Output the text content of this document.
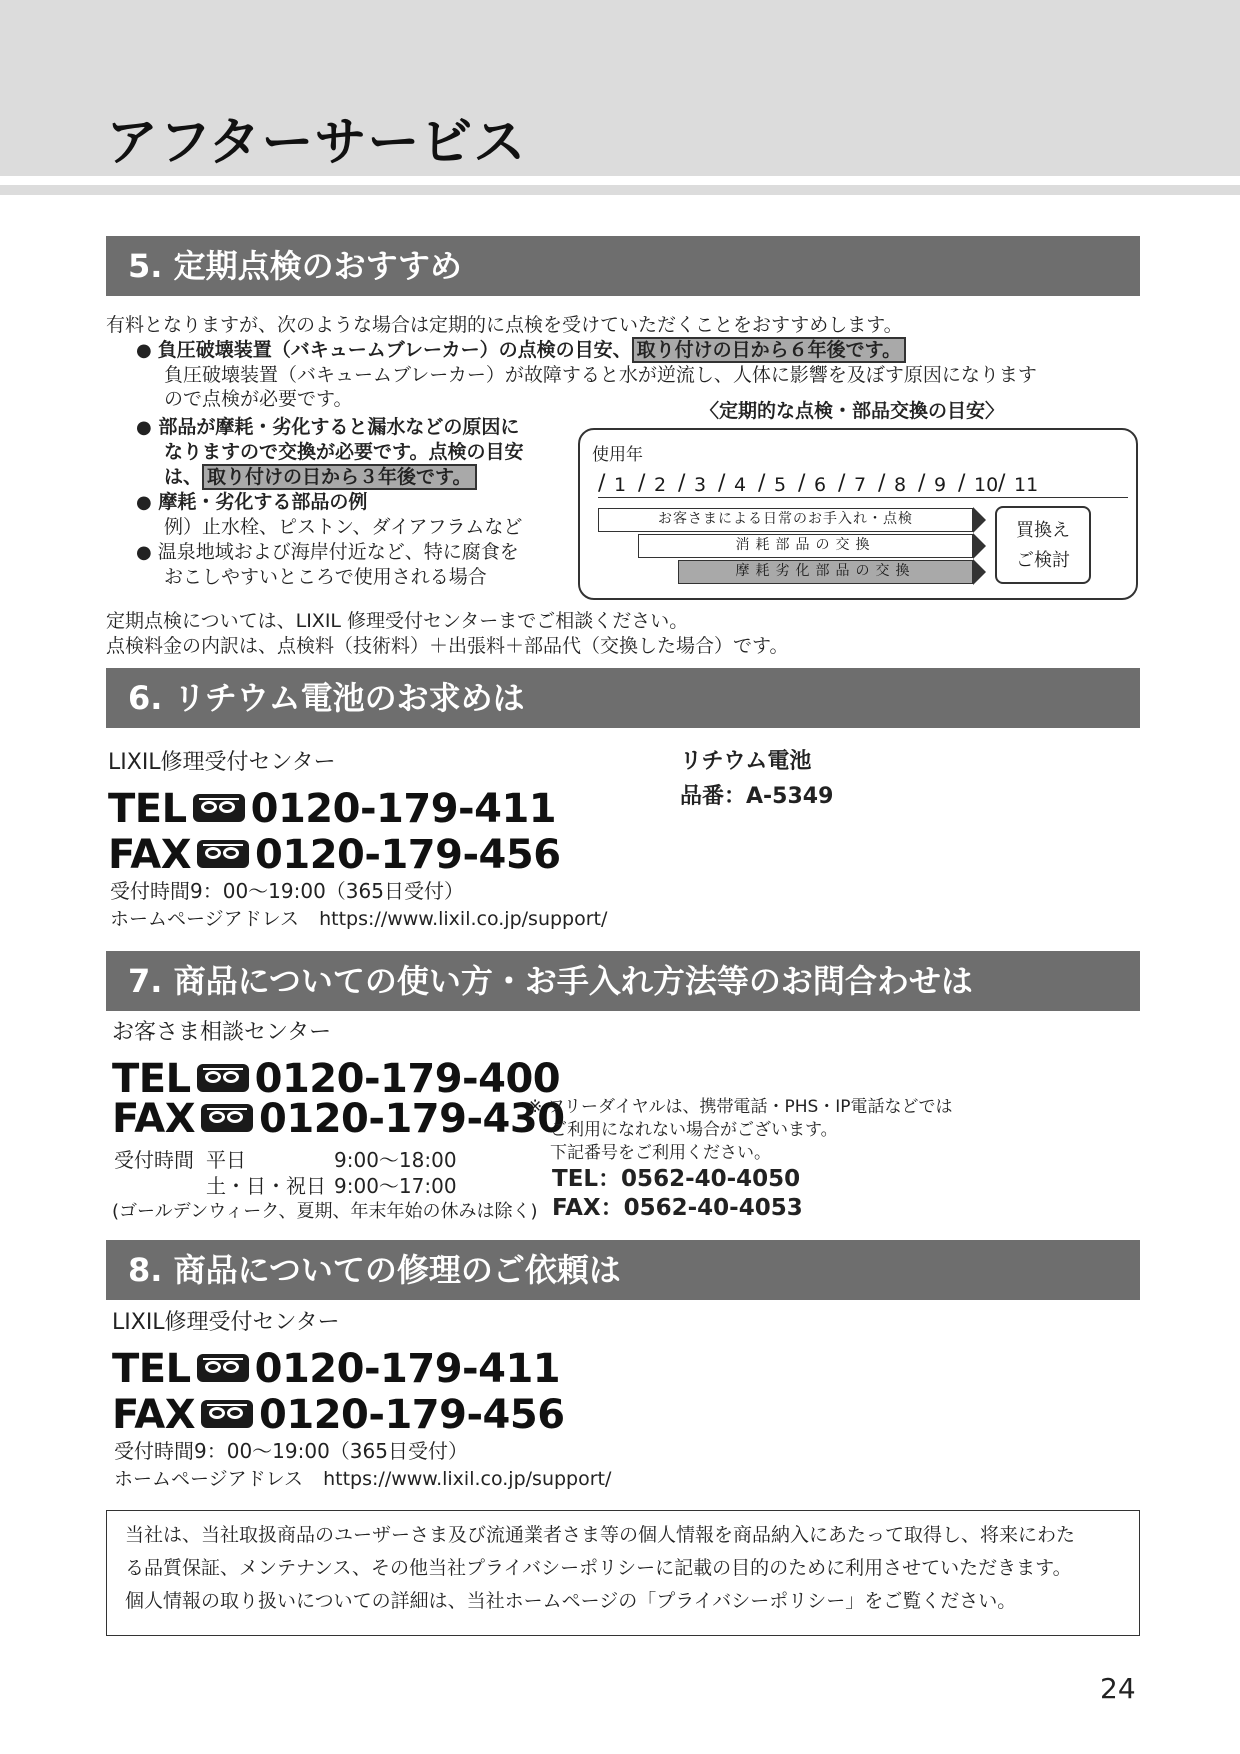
アフターサービス
5. 定期点検のおすすめ
有料となりますが、次のような場合は定期的に点検を受けていただくことをおすすめします。
● 負圧破壊装置（バキュームブレーカー）の点検の目安、 取り付けの日から６年後です。
負圧破壊装置（バキュームブレーカー）が故障すると水が逆流し、人体に影響を及ぼす原因になります
ので点検が必要です。
● 部品が摩耗・劣化すると漏水などの原因に
なりますので交換が必要です。点検の目安
は、 取り付けの日から３年後です。
● 摩耗・劣化する部品の例
例）止水栓、ピストン、ダイアフラムなど
● 温泉地域および海岸付近など、特に腐食を
おこしやすいところで使用される場合
〈定期的な点検・部品交換の目安〉
使用年
/ 1 / 2 / 3 / 4 / 5 / 6 / 7 / 8 / 9 / 10 / 11
お客さまによる日常のお手入れ・点検
消耗部品の交換
摩耗劣化部品の交換
買換え
ご検討
定期点検については、LIXIL 修理受付センターまでご相談ください。
点検料金の内訳は、点検料（技術料）＋出張料＋部品代（交換した場合）です。
6. リチウム電池のお求めは
LIXIL修理受付センター
TEL 0120-179-411
FAX 0120-179-456
受付時間9：00～19:00（365日受付）
ホームページアドレス https://www.lixil.co.jp/support/
リチウム電池
品番：A-5349
7. 商品についての使い方・お手入れ方法等のお問合わせは
お客さま相談センター
TEL 0120-179-400
FAX 0120-179-430
受付時間 平日	9:00～18:00
土・日・祝日 9:00～17:00
(ゴールデンウィーク、夏期、年末年始の休みは除く)
※ フリーダイヤルは、携帯電話・PHS・IP電話などでは
ご利用になれない場合がございます。
下記番号をご利用ください。
TEL：0562-40-4050
FAX：0562-40-4053
8. 商品についての修理のご依頼は
LIXIL修理受付センター
TEL 0120-179-411
FAX 0120-179-456
受付時間9：00～19:00（365日受付）
ホームページアドレス https://www.lixil.co.jp/support/

当社は、当社取扱商品のユーザーさま及び流通業者さま等の個人情報を商品納入にあたって取得し、将来にわた

る品質保証、メンテナンス、その他当社プライバシーポリシーに記載の目的のために利用させていただきます。

個人情報の取り扱いについての詳細は、当社ホームページの「プライバシーポリシー」をご覧ください。

24
